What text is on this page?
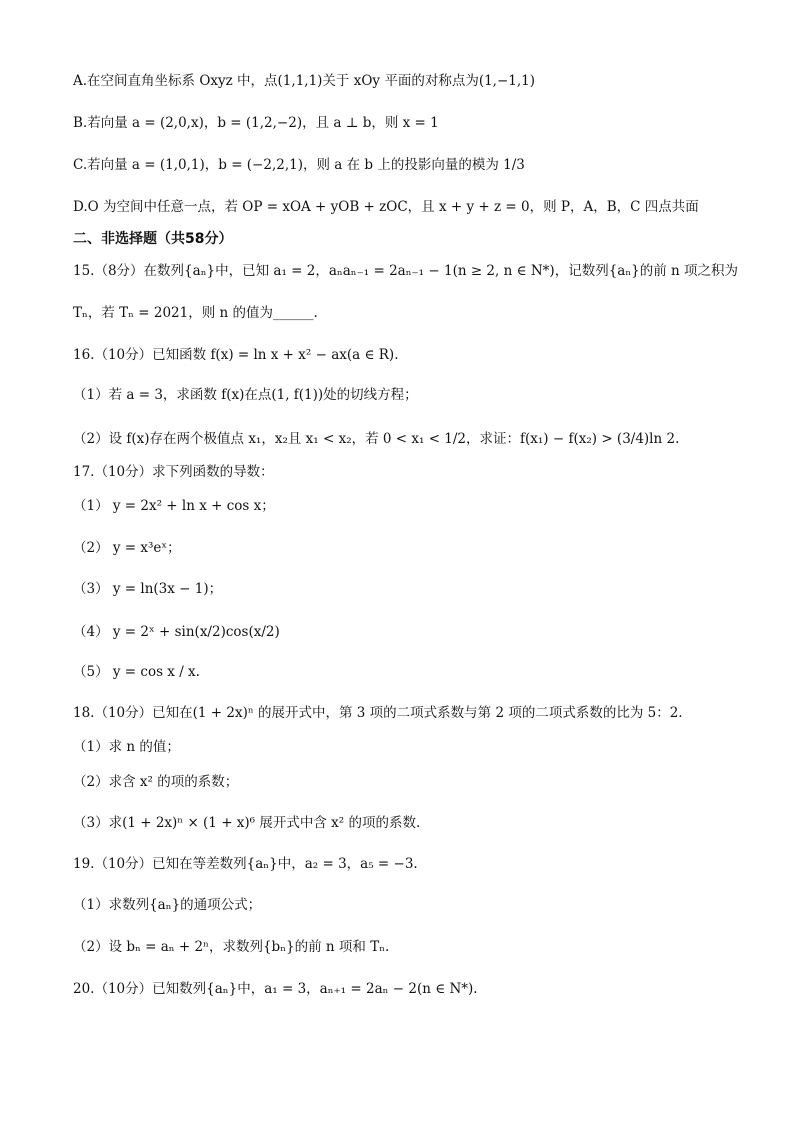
A.在空间直角坐标系 Oxyz 中，点(1,1,1)关于 xOy 平面的对称点为(1,−1,1)
B.若向量 a = (2,0,x)，b = (1,2,−2)，且 a ⊥ b，则 x = 1
C.若向量 a = (1,0,1)，b = (−2,2,1)，则 a 在 b 上的投影向量的模为 1/3
D.O 为空间中任意一点，若 OP = xOA + yOB + zOC，且 x + y + z = 0，则 P，A，B，C 四点共面
二、非选择题（共58分）
15.（8分）在数列{aₙ}中，已知 a₁ = 2，aₙaₙ₋₁ = 2aₙ₋₁ − 1(n ≥ 2, n ∈ N*)，记数列{aₙ}的前 n 项之积为
Tₙ，若 Tₙ = 2021，则 n 的值为______.
16.（10分）已知函数 f(x) = ln x + x² − ax(a ∈ R).
（1）若 a = 3，求函数 f(x)在点(1, f(1))处的切线方程；
（2）设 f(x)存在两个极值点 x₁，x₂且 x₁ < x₂，若 0 < x₁ < 1/2，求证：f(x₁) − f(x₂) > (3/4)ln 2.
17.（10分）求下列函数的导数：
（1） y = 2x² + ln x + cos x；
（2） y = x³eˣ；
（3） y = ln(3x − 1)；
（4） y = 2ˣ + sin(x/2)cos(x/2)
（5） y = cos x / x.
18.（10分）已知在(1 + 2x)ⁿ 的展开式中，第 3 项的二项式系数与第 2 项的二项式系数的比为 5：2.
（1）求 n 的值；
（2）求含 x² 的项的系数；
（3）求(1 + 2x)ⁿ × (1 + x)⁶ 展开式中含 x² 的项的系数.
19.（10分）已知在等差数列{aₙ}中，a₂ = 3，a₅ = −3.
（1）求数列{aₙ}的通项公式；
（2）设 bₙ = aₙ + 2ⁿ，求数列{bₙ}的前 n 项和 Tₙ.
20.（10分）已知数列{aₙ}中，a₁ = 3，aₙ₊₁ = 2aₙ − 2(n ∈ N*).
